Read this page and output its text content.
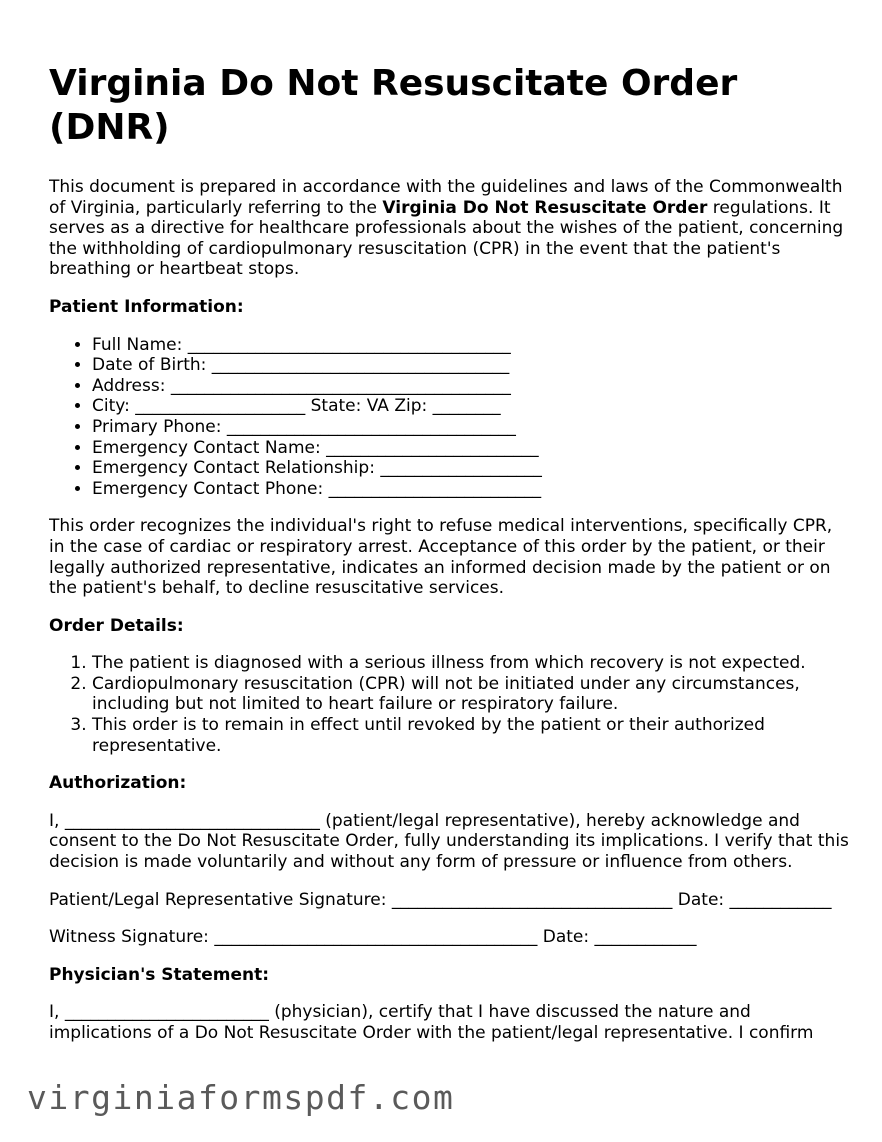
Virginia Do Not Resuscitate Order (DNR)

This document is prepared in accordance with the guidelines and laws of the Commonwealth of Virginia, particularly referring to the Virginia Do Not Resuscitate Order regulations. It serves as a directive for healthcare professionals about the wishes of the patient, concerning the withholding of cardiopulmonary resuscitation (CPR) in the event that the patient's breathing or heartbeat stops.

Patient Information:
• Full Name: ______________________________________
• Date of Birth: ___________________________________
• Address: ________________________________________
• City: ____________________ State: VA Zip: ________
• Primary Phone: __________________________________
• Emergency Contact Name: _________________________
• Emergency Contact Relationship: ___________________
• Emergency Contact Phone: _________________________

This order recognizes the individual's right to refuse medical interventions, specifically CPR, in the case of cardiac or respiratory arrest. Acceptance of this order by the patient, or their legally authorized representative, indicates an informed decision made by the patient or on the patient's behalf, to decline resuscitative services.

Order Details:
1. The patient is diagnosed with a serious illness from which recovery is not expected.
2. Cardiopulmonary resuscitation (CPR) will not be initiated under any circumstances, including but not limited to heart failure or respiratory failure.
3. This order is to remain in effect until revoked by the patient or their authorized representative.
Authorization:

I, ______________________________ (patient/legal representative), hereby acknowledge and consent to the Do Not Resuscitate Order, fully understanding its implications. I verify that this decision is made voluntarily and without any form of pressure or influence from others.

Patient/Legal Representative Signature: _________________________________ Date: ____________

Witness Signature: ______________________________________ Date: ____________

Physician's Statement:

I, ________________________ (physician), certify that I have discussed the nature and implications of a Do Not Resuscitate Order with the patient/legal representative. I confirm

virginiaformspdf.com
